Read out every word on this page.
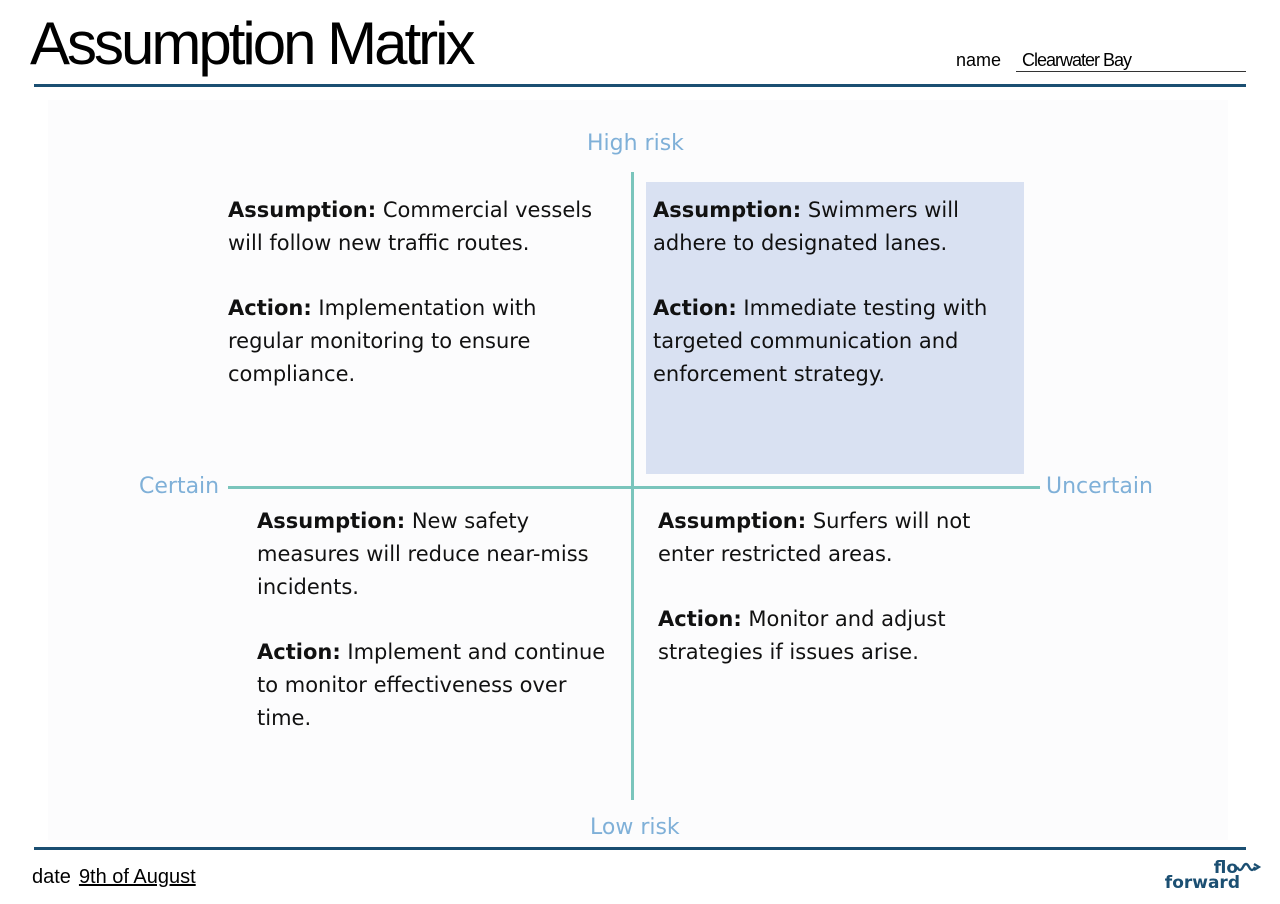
Assumption Matrix	name Clearwater Bay
High risk
Low risk
Certain	Uncertain

Assumption: Commercial vessels will follow new traffic routes.

Action: Implementation with regular monitoring to ensure compliance.

Assumption: Swimmers will adhere to designated lanes.

Action: Immediate testing with targeted communication and enforcement strategy.

Assumption: New safety measures will reduce near-miss incidents.

Action: Implement and continue to monitor effectiveness over time.

Assumption: Surfers will not enter restricted areas.

Action: Monitor and adjust strategies if issues arise.

date 9th of August	flo
forward
